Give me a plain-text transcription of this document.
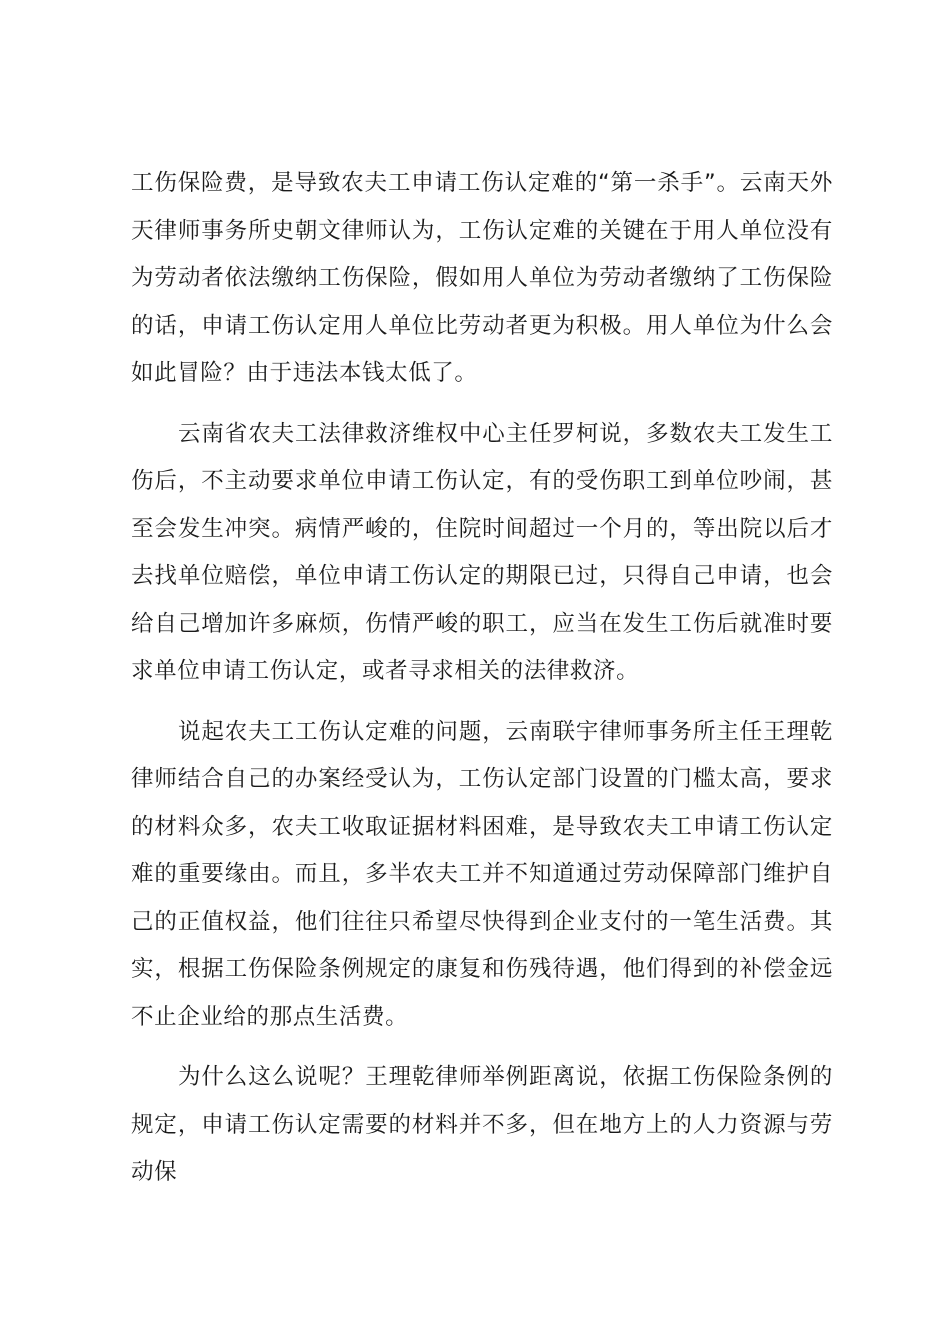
工伤保险费，是导致农夫工申请工伤认定难的“第一杀手”。云南天外天律师事务所史朝文律师认为，工伤认定难的关键在于用人单位没有为劳动者依法缴纳工伤保险，假如用人单位为劳动者缴纳了工伤保险的话，申请工伤认定用人单位比劳动者更为积极。用人单位为什么会如此冒险？由于违法本钱太低了。

云南省农夫工法律救济维权中心主任罗柯说，多数农夫工发生工伤后，不主动要求单位申请工伤认定，有的受伤职工到单位吵闹，甚至会发生冲突。病情严峻的，住院时间超过一个月的，等出院以后才去找单位赔偿，单位申请工伤认定的期限已过，只得自己申请，也会给自己增加许多麻烦，伤情严峻的职工，应当在发生工伤后就准时要求单位申请工伤认定，或者寻求相关的法律救济。

说起农夫工工伤认定难的问题，云南联宇律师事务所主任王理乾律师结合自己的办案经受认为，工伤认定部门设置的门槛太高，要求的材料众多，农夫工收取证据材料困难，是导致农夫工申请工伤认定难的重要缘由。而且，多半农夫工并不知道通过劳动保障部门维护自己的正值权益，他们往往只希望尽快得到企业支付的一笔生活费。其实，根据工伤保险条例规定的康复和伤残待遇，他们得到的补偿金远不止企业给的那点生活费。

为什么这么说呢？王理乾律师举例距离说，依据工伤保险条例的规定，申请工伤认定需要的材料并不多，但在地方上的人力资源与劳动保
